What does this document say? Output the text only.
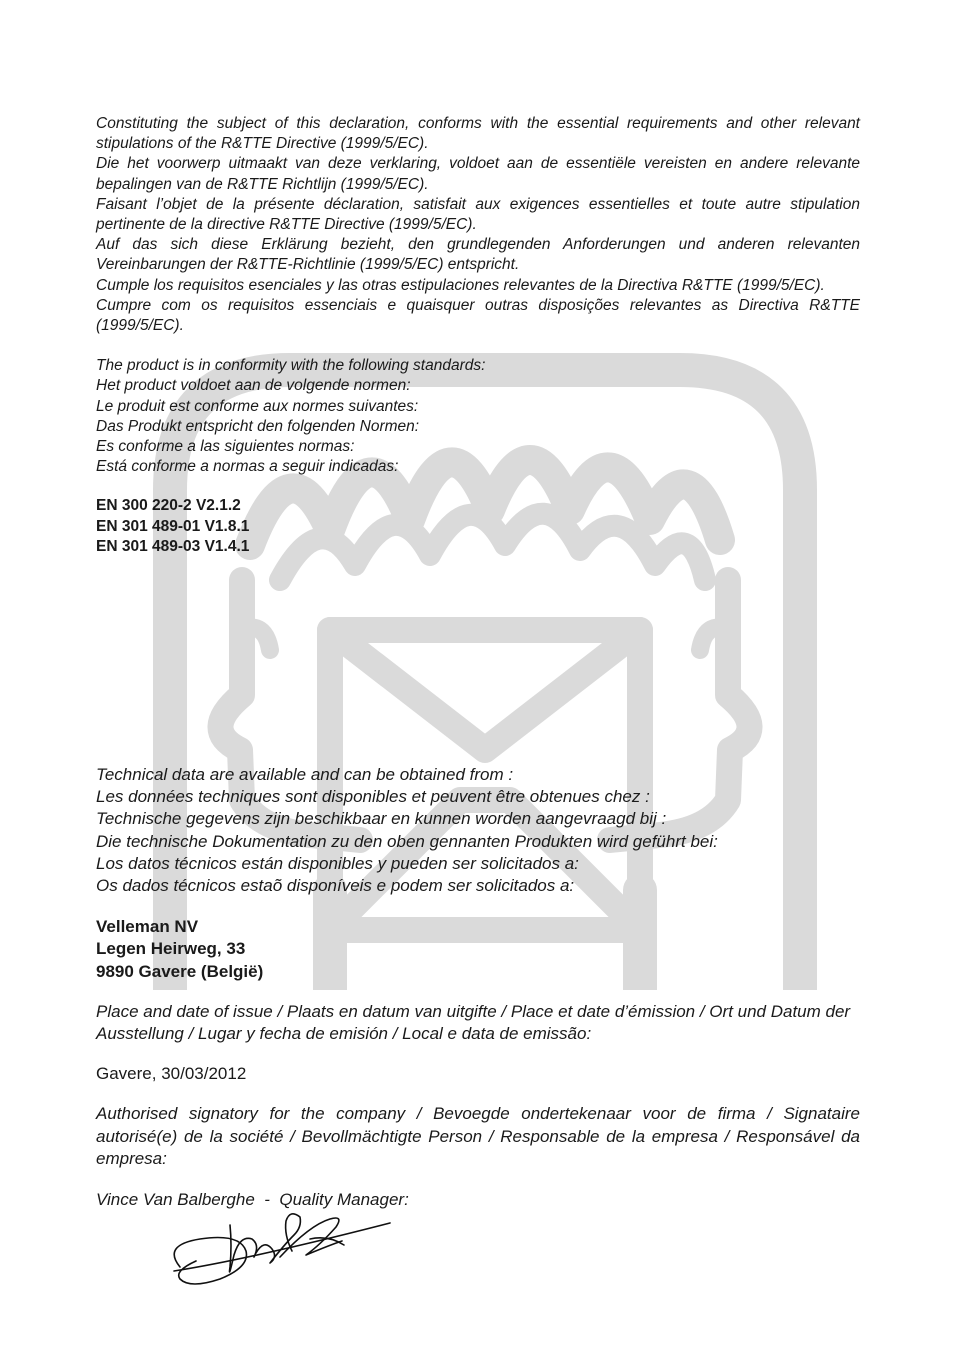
Constituting the subject of this declaration, conforms with the essential requirements and other relevant stipulations of the R&TTE Directive (1999/5/EC).

Die het voorwerp uitmaakt van deze verklaring, voldoet aan de essentiële vereisten en andere relevante bepalingen van de R&TTE Richtlijn (1999/5/EC).

Faisant l’objet de la présente déclaration, satisfait aux exigences essentielles et toute autre stipulation pertinente de la directive R&TTE Directive (1999/5/EC).

Auf das sich diese Erklärung bezieht, den grundlegenden Anforderungen und anderen relevanten Vereinbarungen der R&TTE-Richtlinie (1999/5/EC) entspricht.

Cumple los requisitos esenciales y las otras estipulaciones relevantes de la Directiva R&TTE (1999/5/EC).

Cumpre com os requisitos essenciais e quaisquer outras disposições relevantes as Directiva R&TTE (1999/5/EC).

The product is in conformity with the following standards:

Het product voldoet aan de volgende normen:

Le produit est conforme aux normes suivantes:

Das Produkt entspricht den folgenden Normen:

Es conforme a las siguientes normas:

Está conforme a normas a seguir indicadas:

EN 300 220-2 V2.1.2

EN 301 489-01 V1.8.1

EN 301 489-03 V1.4.1

Technical data are available and can be obtained from :

Les données techniques sont disponibles et peuvent être obtenues chez :

Technische gegevens zijn beschikbaar en kunnen worden aangevraagd bij :

Die technische Dokumentation zu den oben gennanten Produkten wird geführt bei:

Los datos técnicos están disponibles y pueden ser solicitados a:

Os dados técnicos estaõ disponíveis e podem ser solicitados a:

Velleman NV

Legen Heirweg, 33

9890 Gavere (België)

Place and date of issue / Plaats en datum van uitgifte / Place et date d’émission / Ort und Datum der Ausstellung / Lugar y fecha de emisión / Local e data de emissão:

Gavere, 30/03/2012

Authorised signatory for the company / Bevoegde ondertekenaar voor de firma / Signataire autorisé(e) de la société / Bevollmächtigte Person / Responsable de la empresa / Responsável da empresa:

Vince Van Balberghe  -  Quality Manager:
